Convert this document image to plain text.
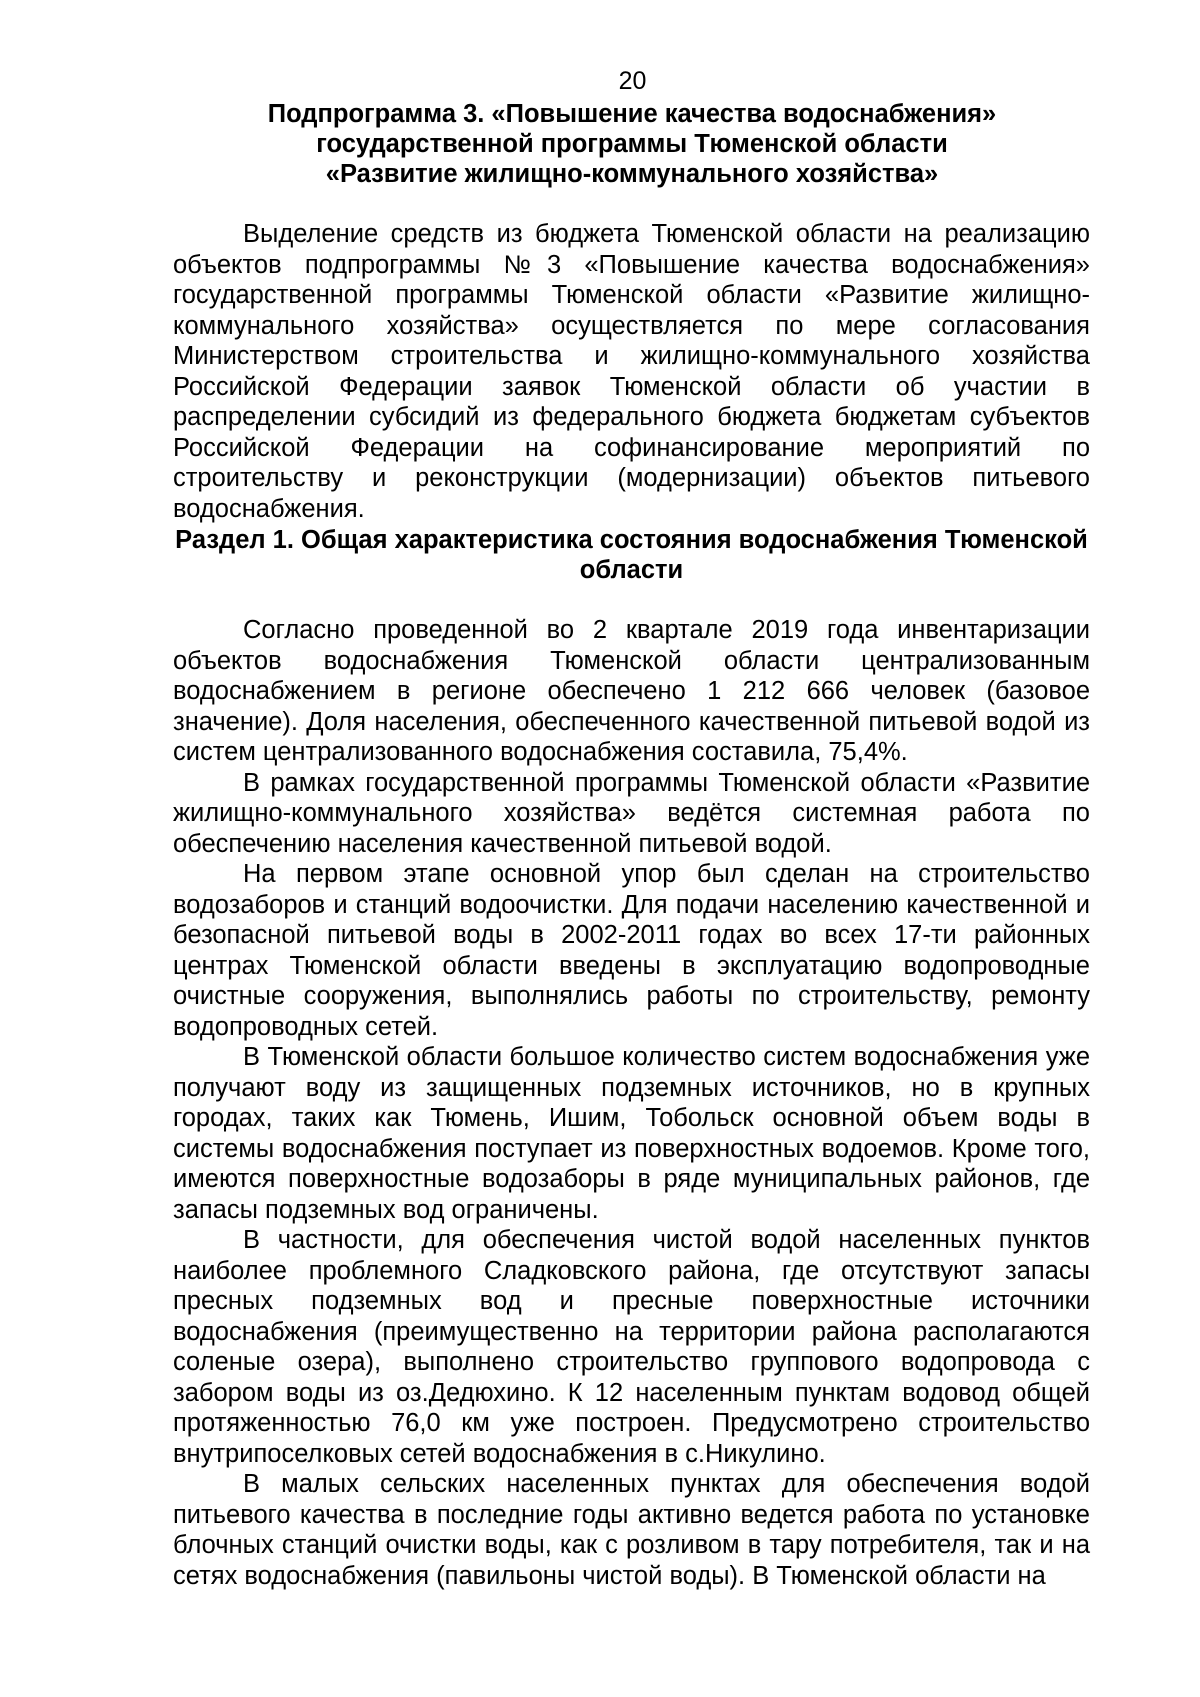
20
Подпрограмма 3. «Повышение качества водоснабжения»
государственной программы Тюменской области
«Развитие жилищно-коммунального хозяйства»

Выделение средств из бюджета Тюменской области на реализацию объектов подпрограммы №3 «Повышение качества водоснабжения» государственной программы Тюменской области «Развитие жилищно-коммунального хозяйства» осуществляется по мере согласования Министерством строительства и жилищно-коммунального хозяйства Российской Федерации заявок Тюменской области об участии в распределении субсидий из федерального бюджета бюджетам субъектов Российской Федерации на софинансирование мероприятий по строительству и реконструкции (модернизации) объектов питьевого водоснабжения.

Раздел 1. Общая характеристика состояния водоснабжения Тюменской области

Согласно проведенной во 2 квартале 2019 года инвентаризации объектов водоснабжения Тюменской области централизованным водоснабжением в регионе обеспечено 1 212 666 человек (базовое значение). Доля населения, обеспеченного качественной питьевой водой из систем централизованного водоснабжения составила, 75,4%.

В рамках государственной программы Тюменской области «Развитие жилищно-коммунального хозяйства» ведётся системная работа по обеспечению населения качественной питьевой водой.

На первом этапе основной упор был сделан на строительство водозаборов и станций водоочистки. Для подачи населению качественной и безопасной питьевой воды в 2002-2011 годах во всех 17-ти районных центрах Тюменской области введены в эксплуатацию водопроводные очистные сооружения, выполнялись работы по строительству, ремонту водопроводных сетей.

В Тюменской области большое количество систем водоснабжения уже получают воду из защищенных подземных источников, но в крупных городах, таких как Тюмень, Ишим, Тобольск основной объем воды в системы водоснабжения поступает из поверхностных водоемов. Кроме того, имеются поверхностные водозаборы в ряде муниципальных районов, где запасы подземных вод ограничены.

В частности, для обеспечения чистой водой населенных пунктов наиболее проблемного Сладковского района, где отсутствуют запасы пресных подземных вод и пресные поверхностные источники водоснабжения (преимущественно на территории района располагаются соленые озера), выполнено строительство группового водопровода с забором воды из оз.Дедюхино. К 12 населенным пунктам водовод общей протяженностью 76,0 км уже построен. Предусмотрено строительство внутрипоселковых сетей водоснабжения в с.Никулино.

В малых сельских населенных пунктах для обеспечения водой питьевого качества в последние годы активно ведется работа по установке блочных станций очистки воды, как с розливом в тару потребителя, так и на сетях водоснабжения (павильоны чистой воды). В Тюменской области на
